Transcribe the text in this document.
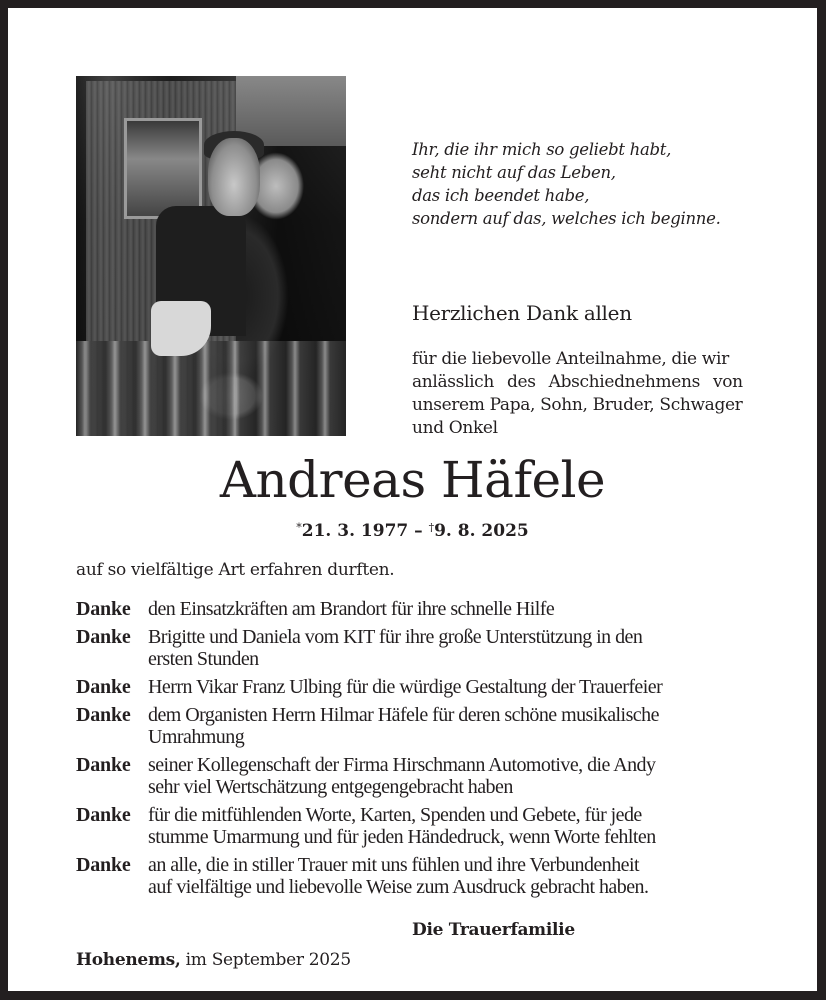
Ihr, die ihr mich so geliebt habt,
seht nicht auf das Leben,
das ich beendet habe,
sondern auf das, welches ich beginne.
Herzlichen Dank allen
für die liebevolle Anteilnahme, die wir
anlässlich des Abschiednehmens von
unserem Papa, Sohn, Bruder, Schwager
und Onkel
Andreas Häfele
*21. 3. 1977 – †9. 8. 2025
auf so vielfältige Art erfahren durften.
Danke den Einsatzkräften am Brandort für ihre schnelle Hilfe
Danke Brigitte und Daniela vom KIT für ihre große Unterstützung in den
ersten Stunden
Danke Herrn Vikar Franz Ulbing für die würdige Gestaltung der Trauerfeier
Danke dem Organisten Herrn Hilmar Häfele für deren schöne musikalische
Umrahmung
Danke seiner Kollegenschaft der Firma Hirschmann Automotive, die Andy
sehr viel Wertschätzung entgegengebracht haben
Danke für die mitfühlenden Worte, Karten, Spenden und Gebete, für jede
stumme Umarmung und für jeden Händedruck, wenn Worte fehlten
Danke an alle, die in stiller Trauer mit uns fühlen und ihre Verbundenheit
auf vielfältige und liebevolle Weise zum Ausdruck gebracht haben.
Die Trauerfamilie
Hohenems, im September 2025
